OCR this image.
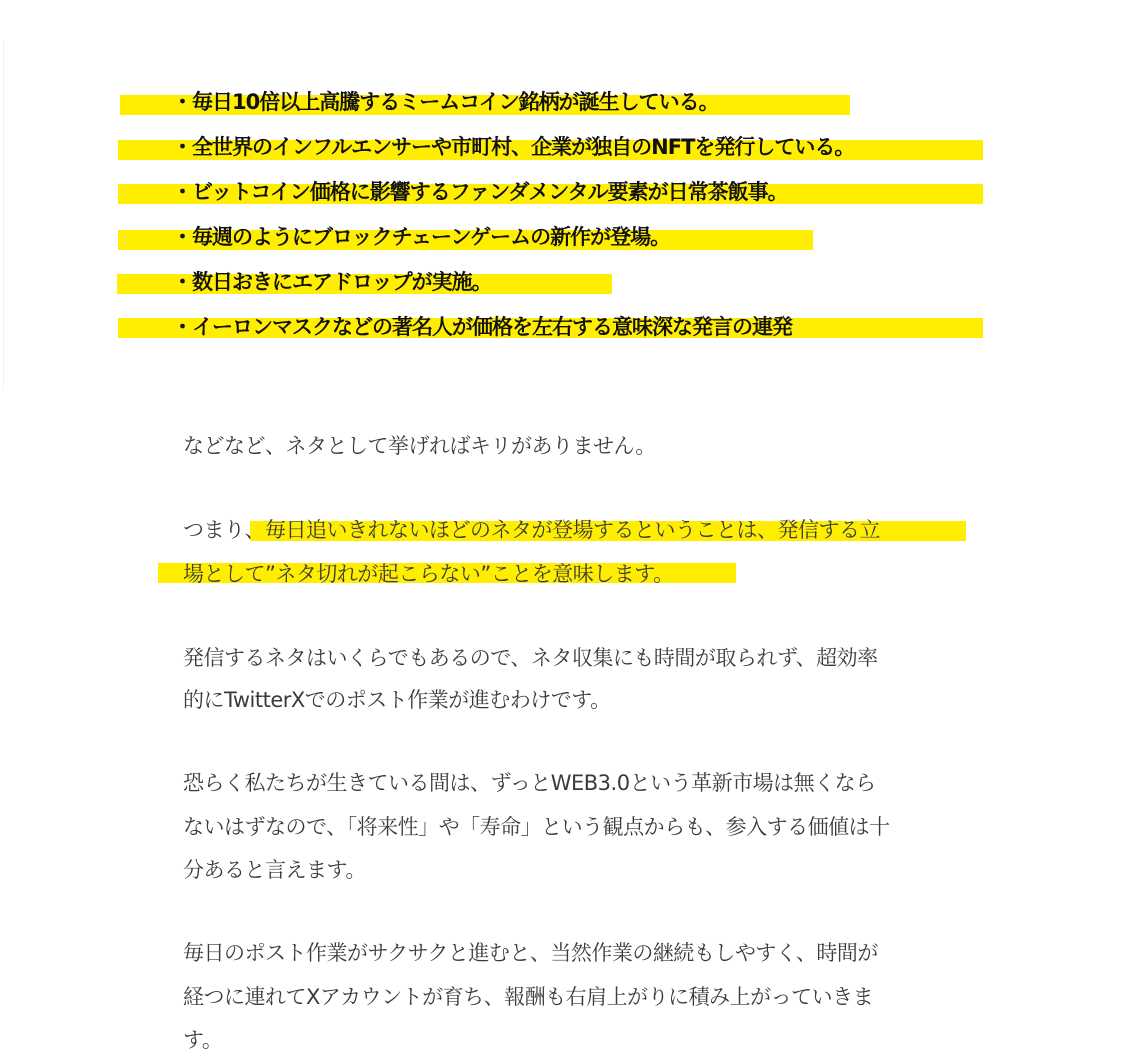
・毎日10倍以上高騰するミームコイン銘柄が誕生している。
・全世界のインフルエンサーや市町村、企業が独自のNFTを発行している。
・ビットコイン価格に影響するファンダメンタル要素が日常茶飯事。
・毎週のようにブロックチェーンゲームの新作が登場。
・数日おきにエアドロップが実施。
・イーロンマスクなどの著名人が価格を左右する意味深な発言の連発
などなど、ネタとして挙げればキリがありません。
つまり、毎日追いきれないほどのネタが登場するということは、発信する立
場として”ネタ切れが起こらない”ことを意味します。
発信するネタはいくらでもあるので、ネタ収集にも時間が取られず、超効率
的にTwitterXでのポスト作業が進むわけです。
恐らく私たちが生きている間は、ずっとWEB3.0という革新市場は無くなら
ないはずなので、「将来性」や「寿命」という観点からも、参入する価値は十
分あると言えます。
毎日のポスト作業がサクサクと進むと、当然作業の継続もしやすく、時間が
経つに連れてXアカウントが育ち、報酬も右肩上がりに積み上がっていきま
す。
